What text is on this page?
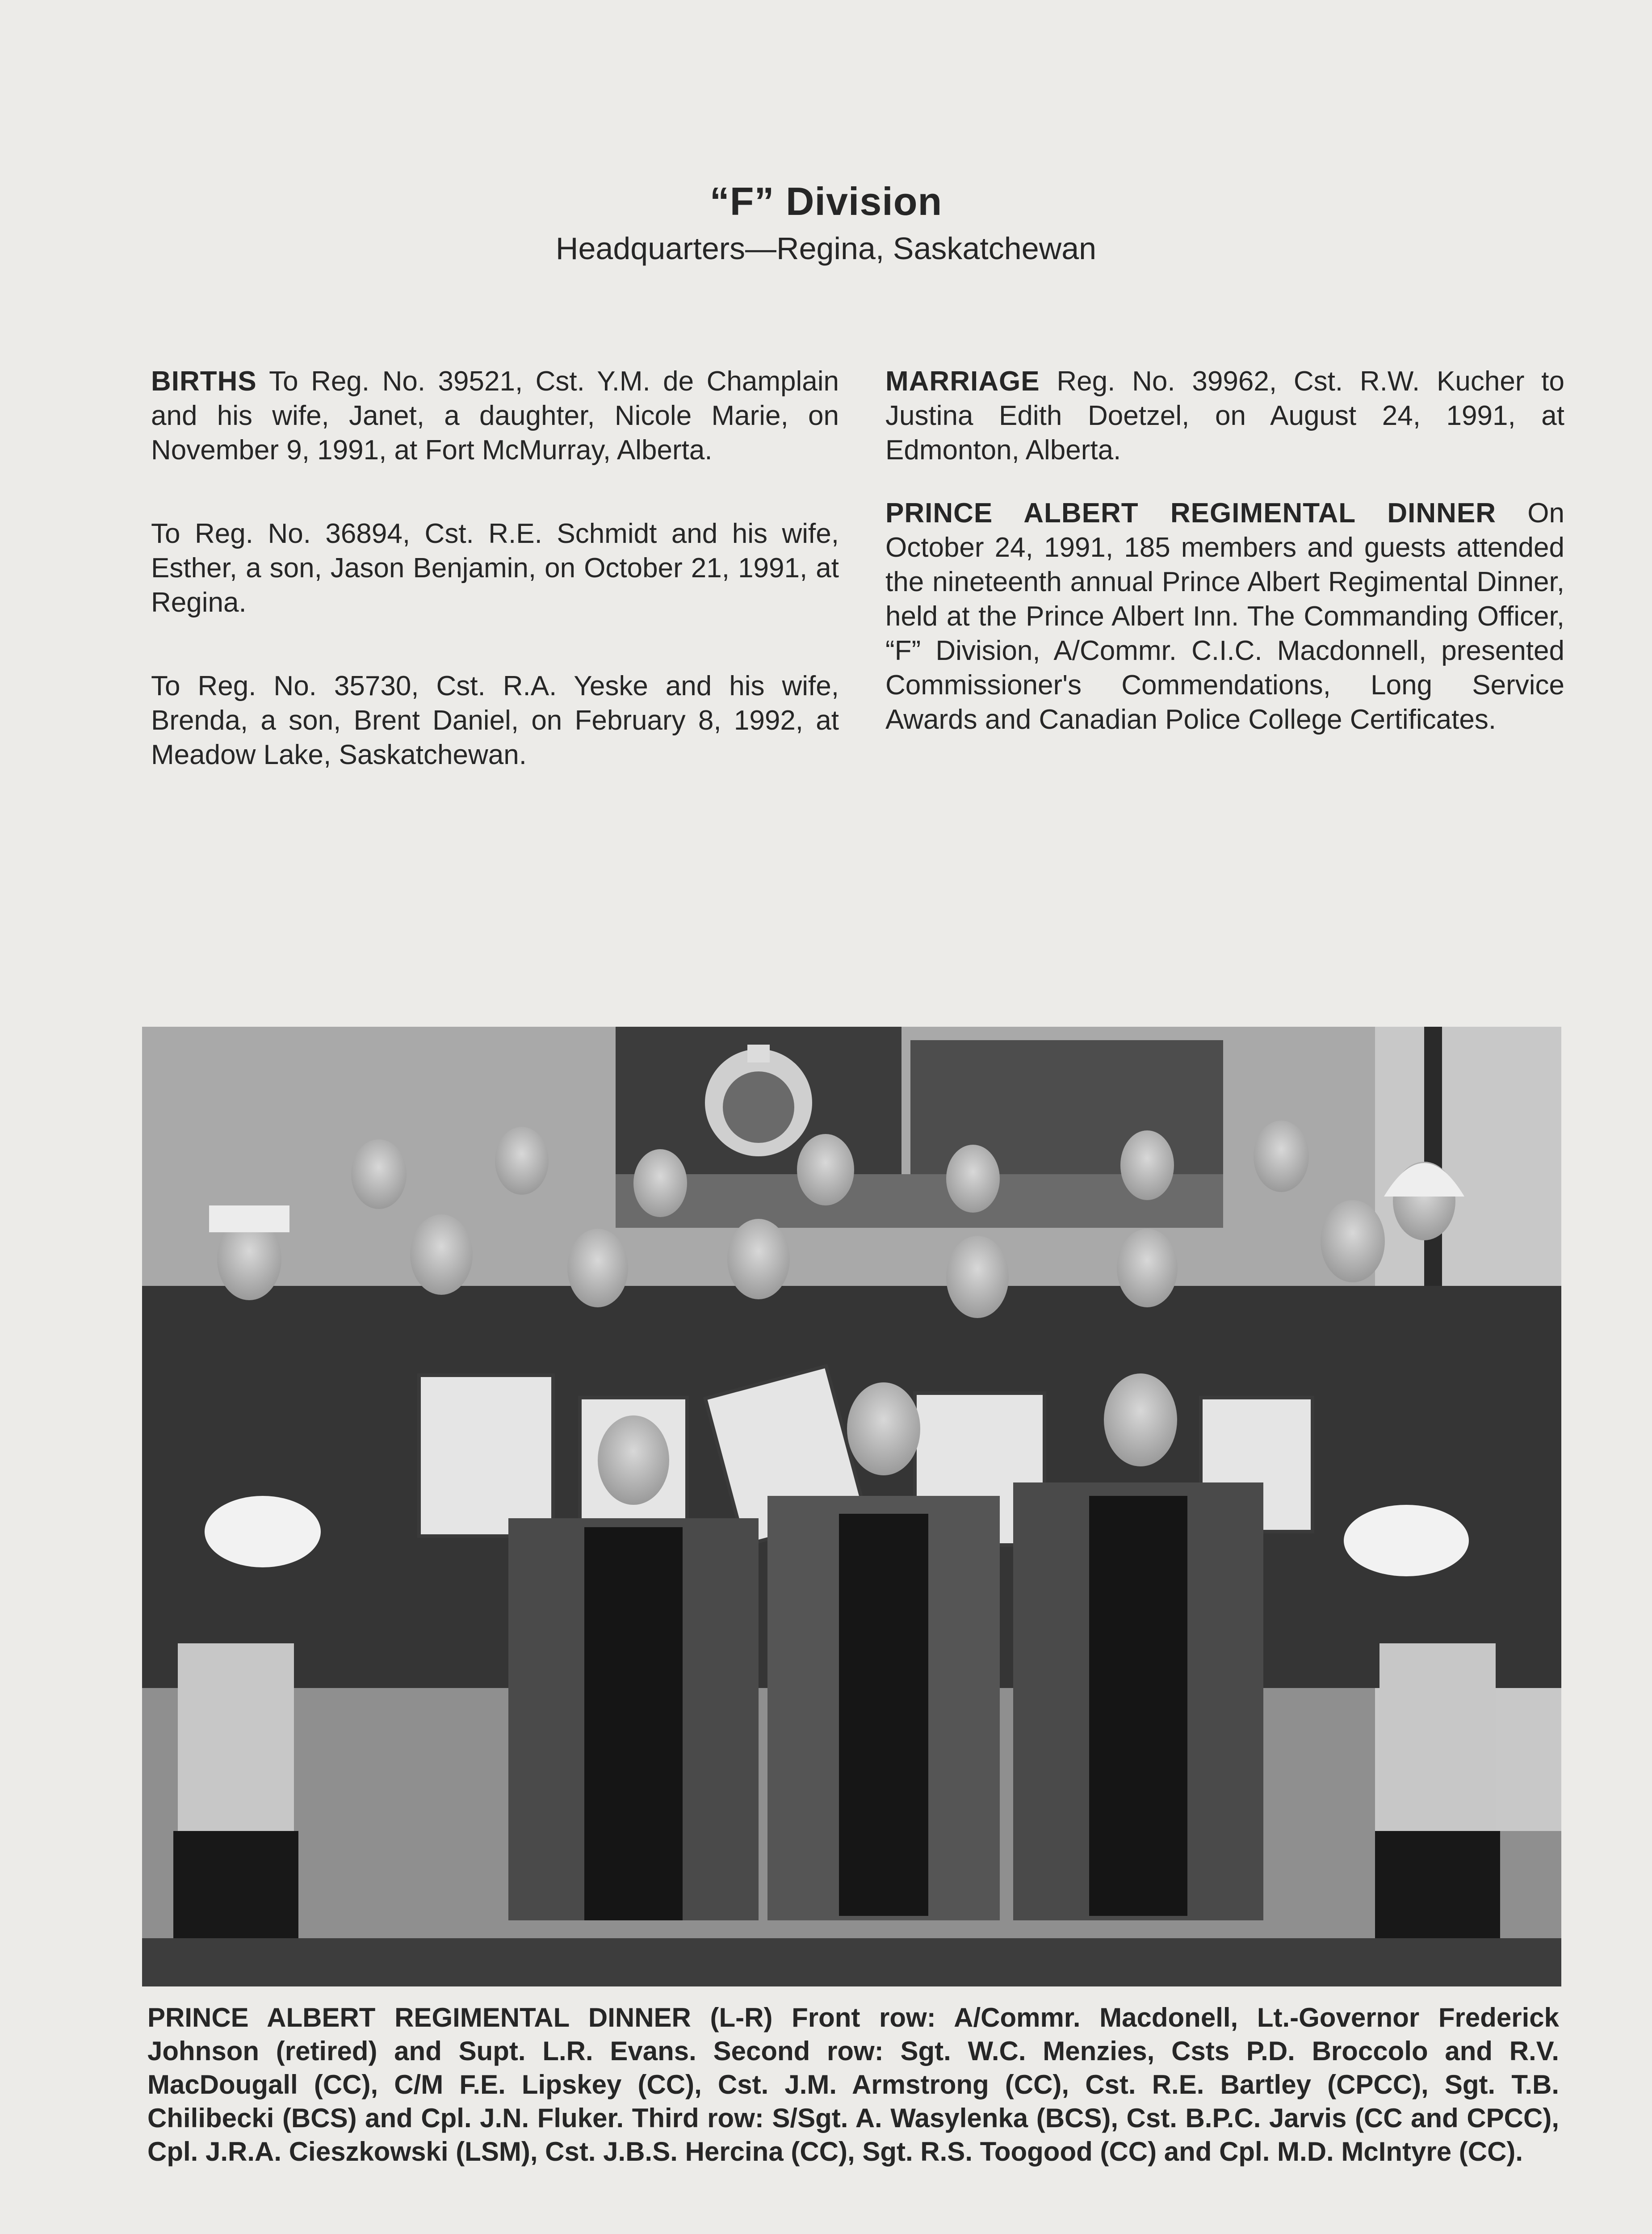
“F” Division
Headquarters—Regina, Saskatchewan

BIRTHS To Reg. No. 39521, Cst. Y.M. de Champlain and his wife, Janet, a daughter, Nicole Marie, on November 9, 1991, at Fort McMurray, Alberta.

To Reg. No. 36894, Cst. R.E. Schmidt and his wife, Esther, a son, Jason Benjamin, on October 21, 1991, at Regina.

To Reg. No. 35730, Cst. R.A. Yeske and his wife, Brenda, a son, Brent Daniel, on February 8, 1992, at Meadow Lake, Saskatchewan.

MARRIAGE Reg. No. 39962, Cst. R.W. Kucher to Justina Edith Doetzel, on August 24, 1991, at Edmonton, Alberta.

PRINCE ALBERT REGIMENTAL DINNER On October 24, 1991, 185 members and guests attended the nineteenth annual Prince Albert Regimental Dinner, held at the Prince Albert Inn. The Commanding Officer, “F” Division, A/Commr. C.I.C. Macdonnell, presented Commissioner's Commendations, Long Service Awards and Canadian Police College Certificates.

PRINCE ALBERT REGIMENTAL DINNER (L-R) Front row: A/Commr. Macdonell, Lt.-Governor Frederick Johnson (retired) and Supt. L.R. Evans. Second row: Sgt. W.C. Menzies, Csts P.D. Broccolo and R.V. MacDougall (CC), C/M F.E. Lipskey (CC), Cst. J.M. Armstrong (CC), Cst. R.E. Bartley (CPCC), Sgt. T.B. Chilibecki (BCS) and Cpl. J.N. Fluker. Third row: S/Sgt. A. Wasylenka (BCS), Cst. B.P.C. Jarvis (CC and CPCC), Cpl. J.R.A. Cieszkowski (LSM), Cst. J.B.S. Hercina (CC), Sgt. R.S. Toogood (CC) and Cpl. M.D. McIntyre (CC).
